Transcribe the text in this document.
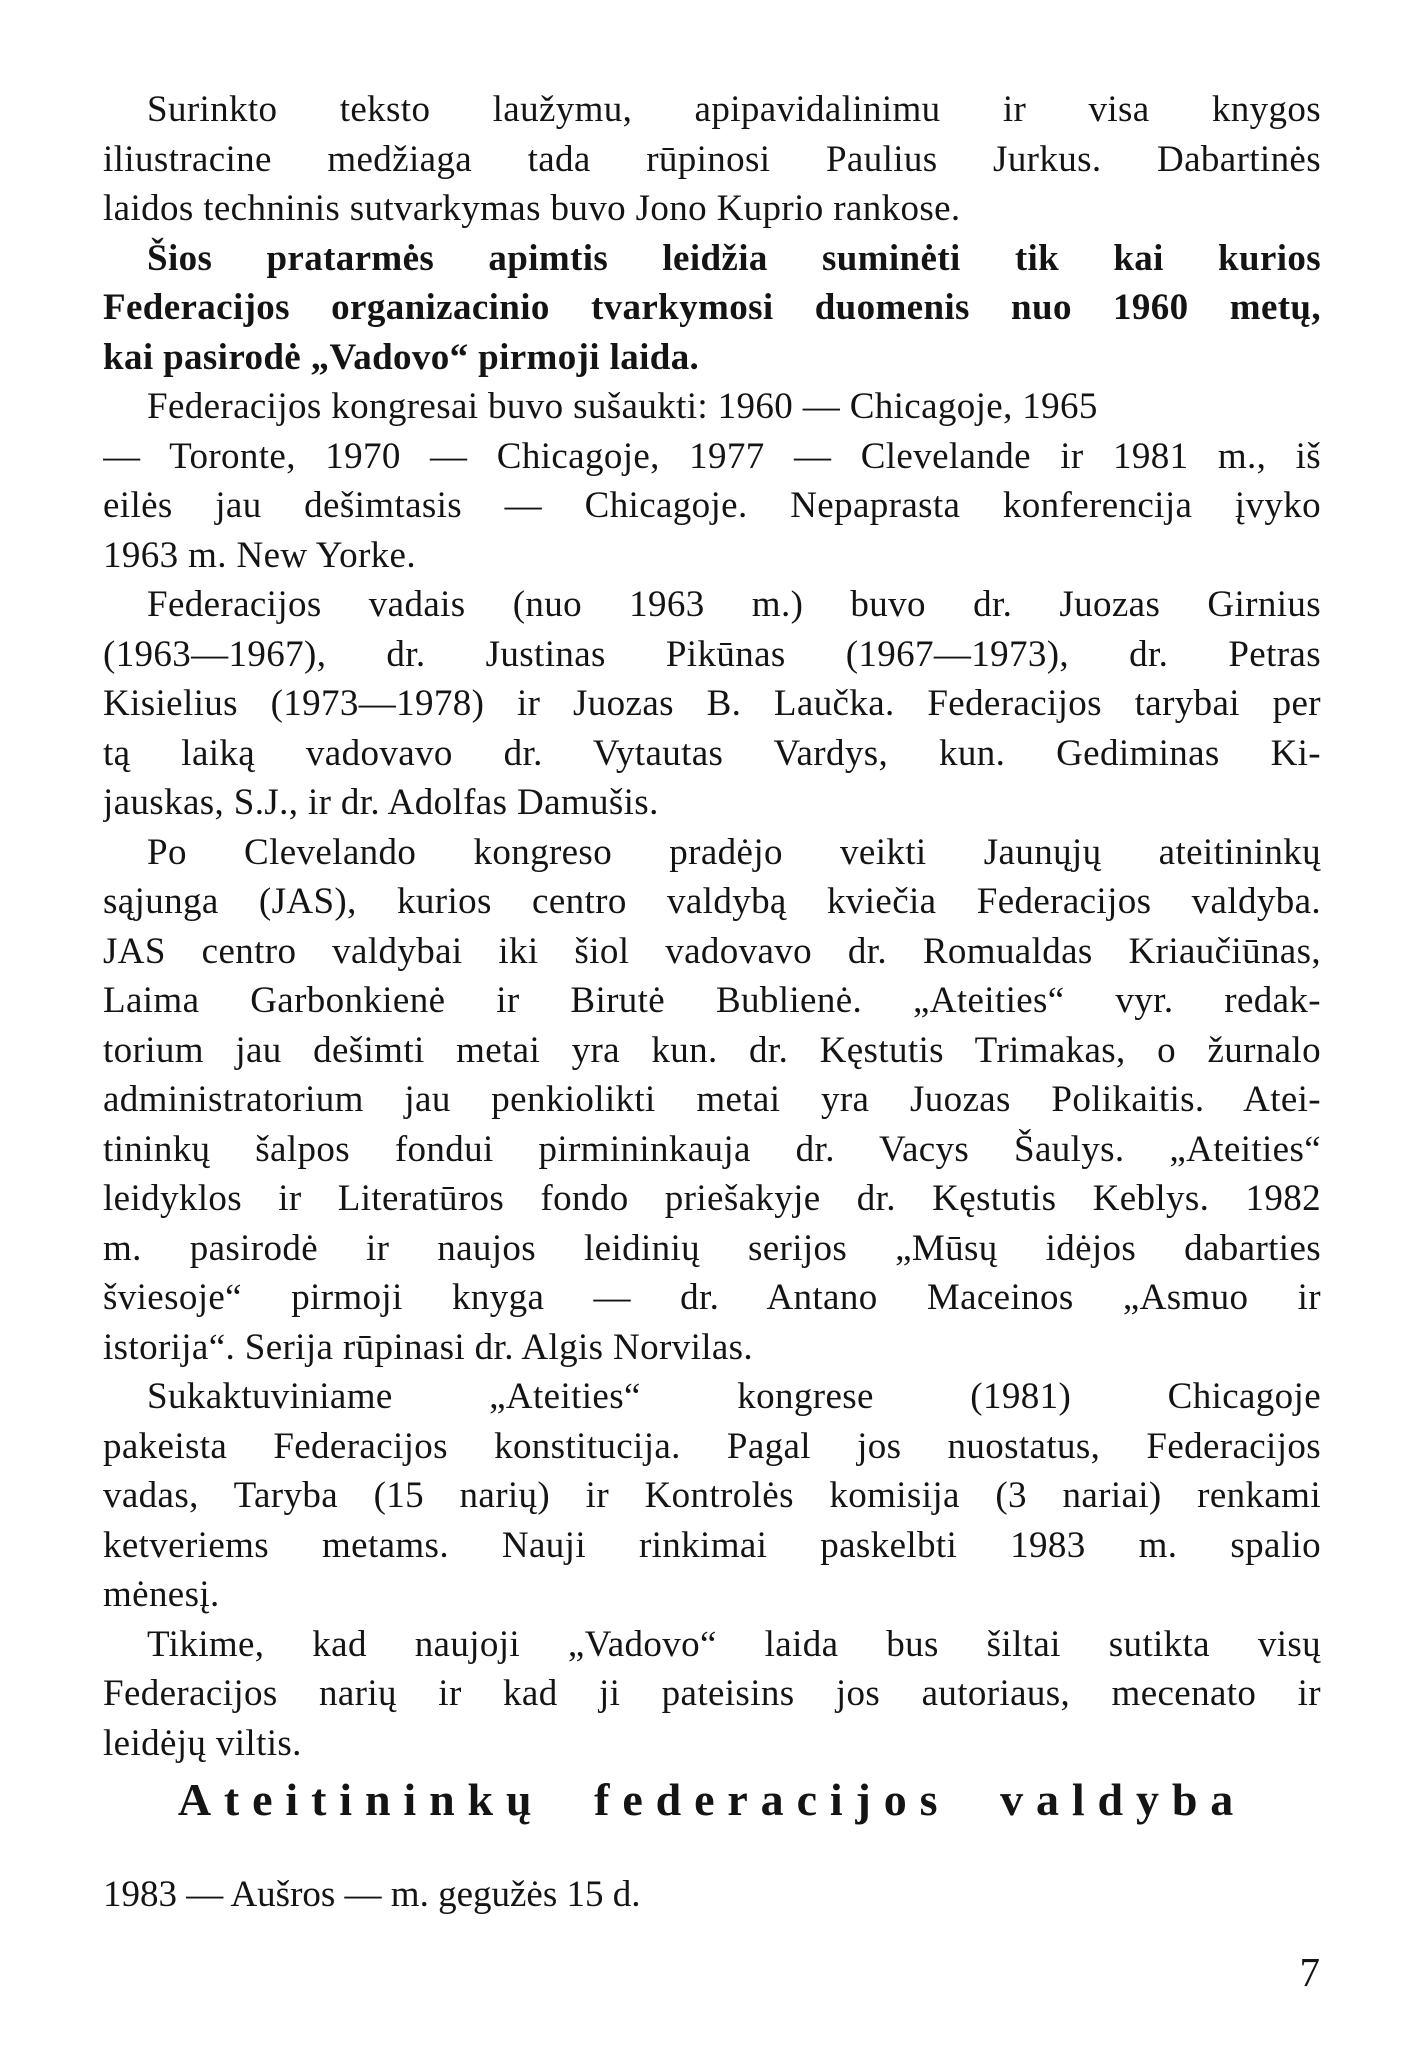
Surinkto teksto laužymu, apipavidalinimu ir visa knygos
iliustracine medžiaga tada rūpinosi Paulius Jurkus. Dabartinės
laidos techninis sutvarkymas buvo Jono Kuprio rankose.
Šios pratarmės apimtis leidžia suminėti tik kai kurios
Federacijos organizacinio tvarkymosi duomenis nuo 1960 metų,
kai pasirodė „Vadovo“ pirmoji laida.
Federacijos kongresai buvo sušaukti: 1960 — Chicagoje, 1965
— Toronte, 1970 — Chicagoje, 1977 — Clevelande ir 1981 m., iš
eilės jau dešimtasis — Chicagoje. Nepaprasta konferencija įvyko
1963 m. New Yorke.
Federacijos vadais (nuo 1963 m.) buvo dr. Juozas Girnius
(1963—1967), dr. Justinas Pikūnas (1967—1973), dr. Petras
Kisielius (1973—1978) ir Juozas B. Laučka. Federacijos tarybai per
tą laiką vadovavo dr. Vytautas Vardys, kun. Gediminas Ki-
jauskas, S.J., ir dr. Adolfas Damušis.
Po Clevelando kongreso pradėjo veikti Jaunųjų ateitininkų
sąjunga (JAS), kurios centro valdybą kviečia Federacijos valdyba.
JAS centro valdybai iki šiol vadovavo dr. Romualdas Kriaučiūnas,
Laima Garbonkienė ir Birutė Bublienė. „Ateities“ vyr. redak-
torium jau dešimti metai yra kun. dr. Kęstutis Trimakas, o žurnalo
administratorium jau penkiolikti metai yra Juozas Polikaitis. Atei-
tininkų šalpos fondui pirmininkauja dr. Vacys Šaulys. „Ateities“
leidyklos ir Literatūros fondo priešakyje dr. Kęstutis Keblys. 1982
m. pasirodė ir naujos leidinių serijos „Mūsų idėjos dabarties
šviesoje“ pirmoji knyga — dr. Antano Maceinos „Asmuo ir
istorija“. Serija rūpinasi dr. Algis Norvilas.
Sukaktuviniame „Ateities“ kongrese (1981) Chicagoje
pakeista Federacijos konstitucija. Pagal jos nuostatus, Federacijos
vadas, Taryba (15 narių) ir Kontrolės komisija (3 nariai) renkami
ketveriems metams. Nauji rinkimai paskelbti 1983 m. spalio
mėnesį.
Tikime, kad naujoji „Vadovo“ laida bus šiltai sutikta visų
Federacijos narių ir kad ji pateisins jos autoriaus, mecenato ir
leidėjų viltis.
Ateitininkų federacijos valdyba
1983 — Aušros — m. gegužės 15 d.
7
